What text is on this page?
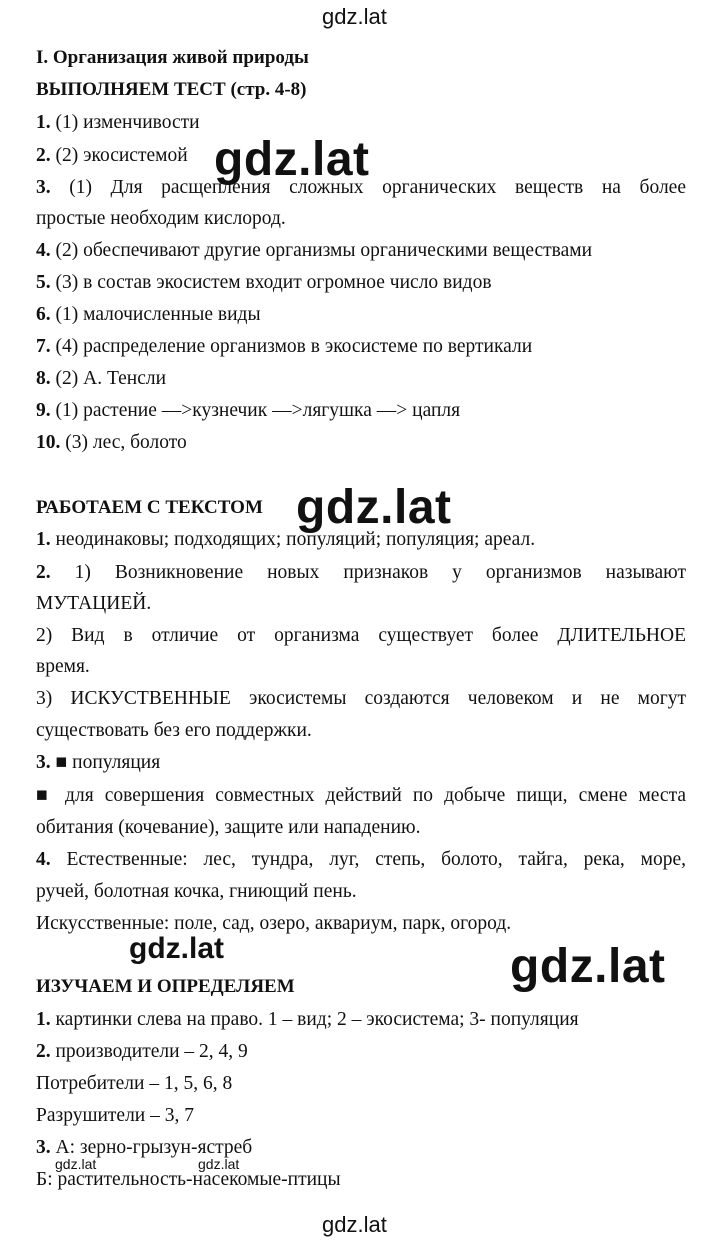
gdz.lat
I. Организация живой природы
ВЫПОЛНЯЕМ ТЕСТ (стр. 4-8)
1. (1) изменчивости
2. (2) экосистемой
3. (1) Для расщепления сложных органических веществ на более
простые необходим кислород.
4. (2) обеспечивают другие организмы органическими веществами
5. (3) в состав экосистем входит огромное число видов
6. (1) малочисленные виды
7. (4) распределение организмов в экосистеме по вертикали
8. (2) А. Тенсли
9. (1) растение —>кузнечик —>лягушка —> цапля
10. (3) лес, болото
gdz.lat
РАБОТАЕМ С ТЕКСТОМ
1. неодинаковы; подходящих; популяций; популяция; ареал.
2. 1) Возникновение новых признаков у организмов называют
МУТАЦИЕЙ.
2) Вид в отличие от организма существует более ДЛИТЕЛЬНОЕ
время.
3) ИСКУСТВЕННЫЕ экосистемы создаются человеком и не могут
существовать без его поддержки.
3. ■ популяция
■ для совершения совместных действий по добыче пищи, смене места
обитания (кочевание), защите или нападению.
4. Естественные: лес, тундра, луг, степь, болото, тайга, река, море,
ручей, болотная кочка, гниющий пень.
Искусственные: поле, сад, озеро, аквариум, парк, огород.
gdz.lat
gdz.lat	gdz.lat
ИЗУЧАЕМ И ОПРЕДЕЛЯЕМ
1. картинки слева на право. 1 – вид; 2 – экосистема; 3- популяция
2. производители – 2, 4, 9
Потребители – 1, 5, 6, 8
Разрушители – 3, 7
3. А: зерно-грызун-ястреб
Б: растительность-насекомые-птицы
gdz.lat	gdz.lat
gdz.lat
